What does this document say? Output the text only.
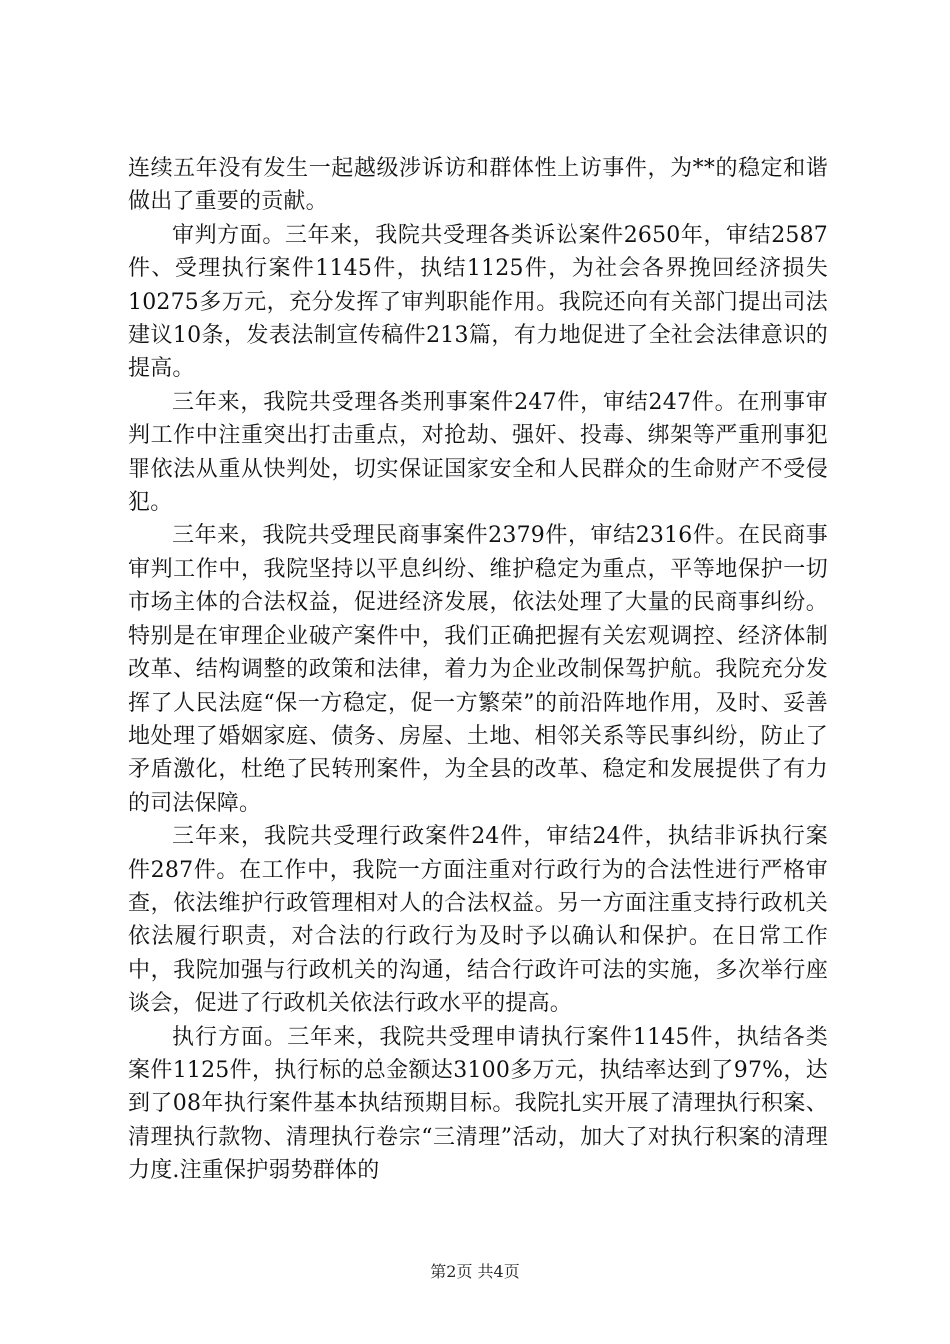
连续五年没有发生一起越级涉诉访和群体性上访事件，为**的稳定和谐做出了重要的贡献。

审判方面。三年来，我院共受理各类诉讼案件2650年，审结2587件、受理执行案件1145件，执结1125件，为社会各界挽回经济损失10275多万元，充分发挥了审判职能作用。我院还向有关部门提出司法建议10条，发表法制宣传稿件213篇，有力地促进了全社会法律意识的提高。

三年来，我院共受理各类刑事案件247件，审结247件。在刑事审判工作中注重突出打击重点，对抢劫、强奸、投毒、绑架等严重刑事犯罪依法从重从快判处，切实保证国家安全和人民群众的生命财产不受侵犯。

三年来，我院共受理民商事案件2379件，审结2316件。在民商事审判工作中，我院坚持以平息纠纷、维护稳定为重点，平等地保护一切市场主体的合法权益，促进经济发展，依法处理了大量的民商事纠纷。特别是在审理企业破产案件中，我们正确把握有关宏观调控、经济体制改革、结构调整的政策和法律，着力为企业改制保驾护航。我院充分发挥了人民法庭“保一方稳定，促一方繁荣”的前沿阵地作用，及时、妥善地处理了婚姻家庭、债务、房屋、土地、相邻关系等民事纠纷，防止了矛盾激化，杜绝了民转刑案件，为全县的改革、稳定和发展提供了有力的司法保障。

三年来，我院共受理行政案件24件，审结24件，执结非诉执行案件287件。在工作中，我院一方面注重对行政行为的合法性进行严格审查，依法维护行政管理相对人的合法权益。另一方面注重支持行政机关依法履行职责，对合法的行政行为及时予以确认和保护。在日常工作中，我院加强与行政机关的沟通，结合行政许可法的实施，多次举行座谈会，促进了行政机关依法行政水平的提高。

执行方面。三年来，我院共受理申请执行案件1145件，执结各类案件1125件，执行标的总金额达3100多万元，执结率达到了97%，达到了08年执行案件基本执结预期目标。我院扎实开展了清理执行积案、清理执行款物、清理执行卷宗“三清理”活动，加大了对执行积案的清理力度.注重保护弱势群体的

第2页 共4页
